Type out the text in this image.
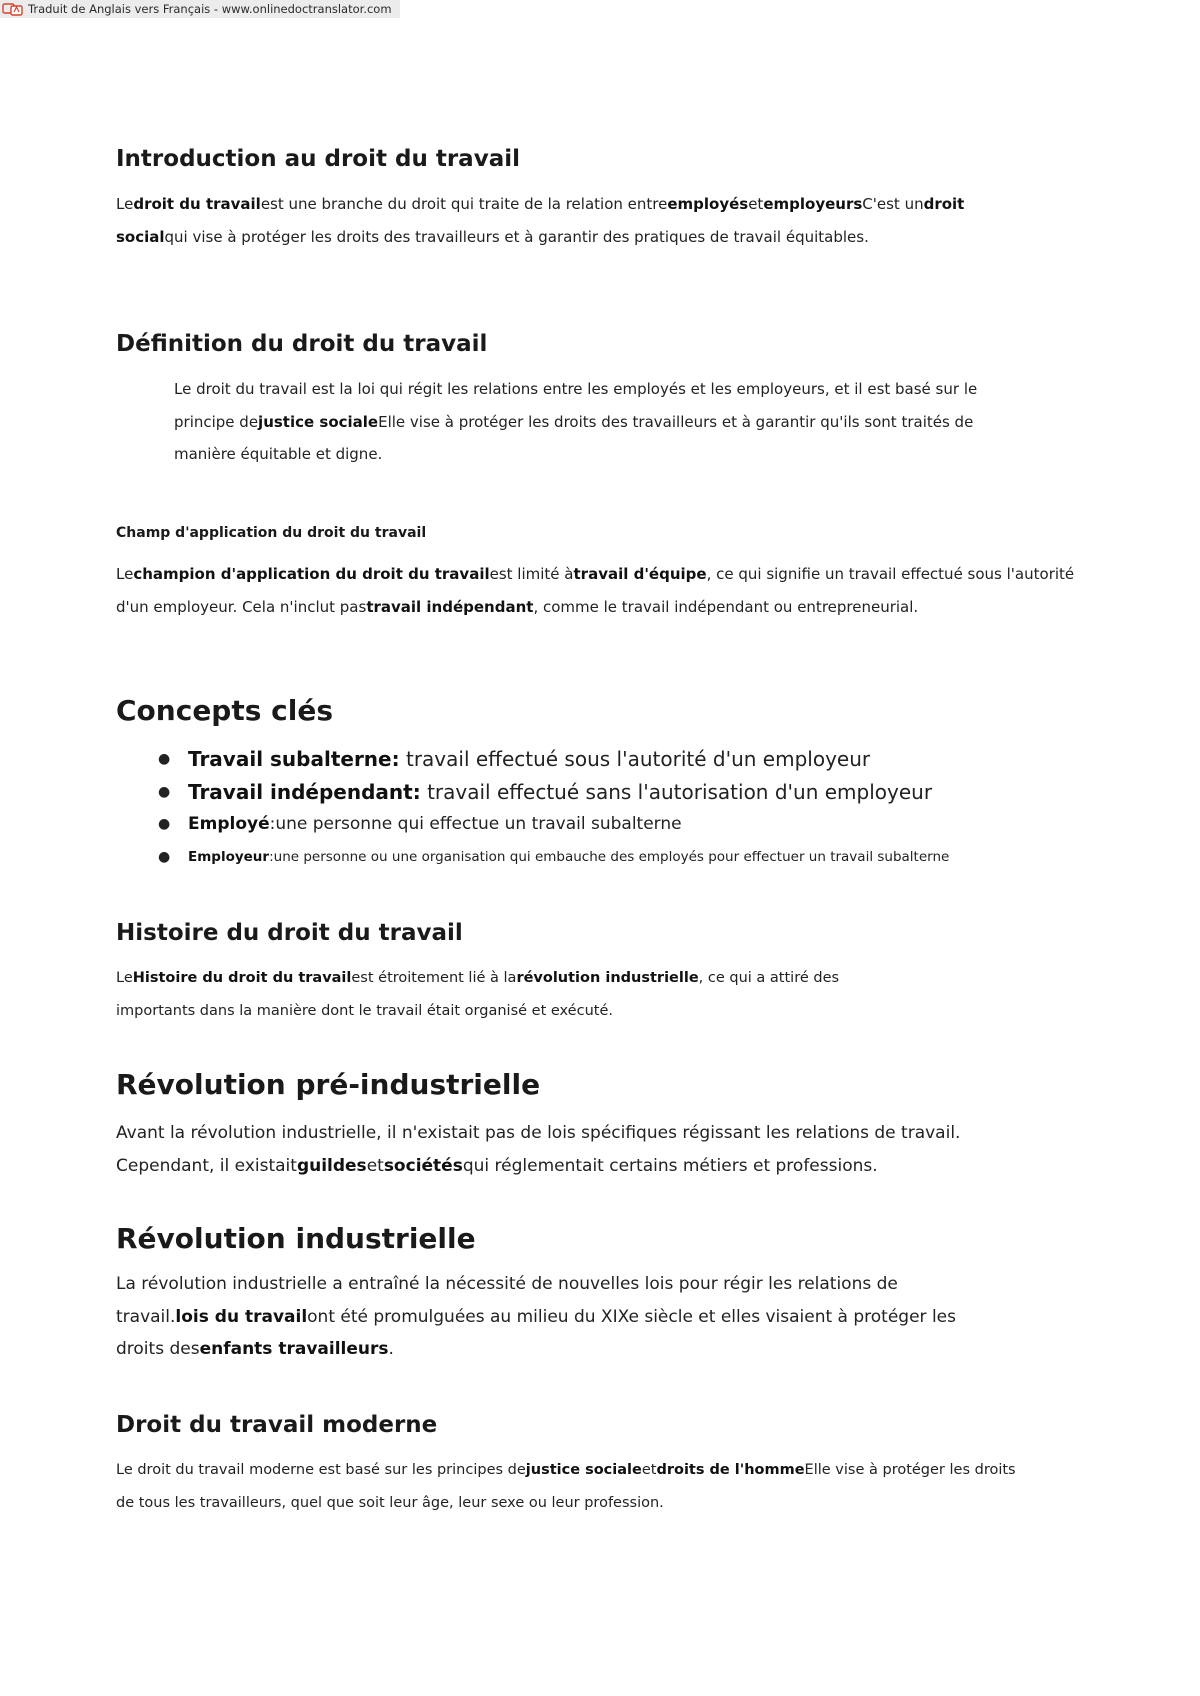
Traduit de Anglais vers Français - www.onlinedoctranslator.com
Introduction au droit du travail

Ledroit du travailest une branche du droit qui traite de la relation entreemployésetemployeursC'est undroit socialqui vise à protéger les droits des travailleurs et à garantir des pratiques de travail équitables.

Définition du droit du travail

Le droit du travail est la loi qui régit les relations entre les employés et les employeurs, et il est basé sur le principe dejustice socialeElle vise à protéger les droits des travailleurs et à garantir qu'ils sont traités de manière équitable et digne.

Champ d'application du droit du travail

Lechampion d'application du droit du travailest limité àtravail d'équipe, ce qui signifie un travail effectué sous l'autorité d'un employeur. Cela n'inclut pastravail indépendant, comme le travail indépendant ou entrepreneurial.

Concepts clés
● Travail subalterne: travail effectué sous l'autorité d'un employeur
● Travail indépendant: travail effectué sans l'autorisation d'un employeur
● Employé:une personne qui effectue un travail subalterne
● Employeur:une personne ou une organisation qui embauche des employés pour effectuer un travail subalterne
Histoire du droit du travail

LeHistoire du droit du travailest étroitement lié à larévolution industrielle, ce qui a attiré des importants dans la manière dont le travail était organisé et exécuté.

Révolution pré-industrielle

Avant la révolution industrielle, il n'existait pas de lois spécifiques régissant les relations de travail. Cependant, il existaitguildesetsociétésqui réglementait certains métiers et professions.

Révolution industrielle

La révolution industrielle a entraîné la nécessité de nouvelles lois pour régir les relations de travail.lois du travailont été promulguées au milieu du XIXe siècle et elles visaient à protéger les droits desenfants travailleurs.

Droit du travail moderne

Le droit du travail moderne est basé sur les principes dejustice socialeetdroits de l'hommeElle vise à protéger les droits de tous les travailleurs, quel que soit leur âge, leur sexe ou leur profession.
